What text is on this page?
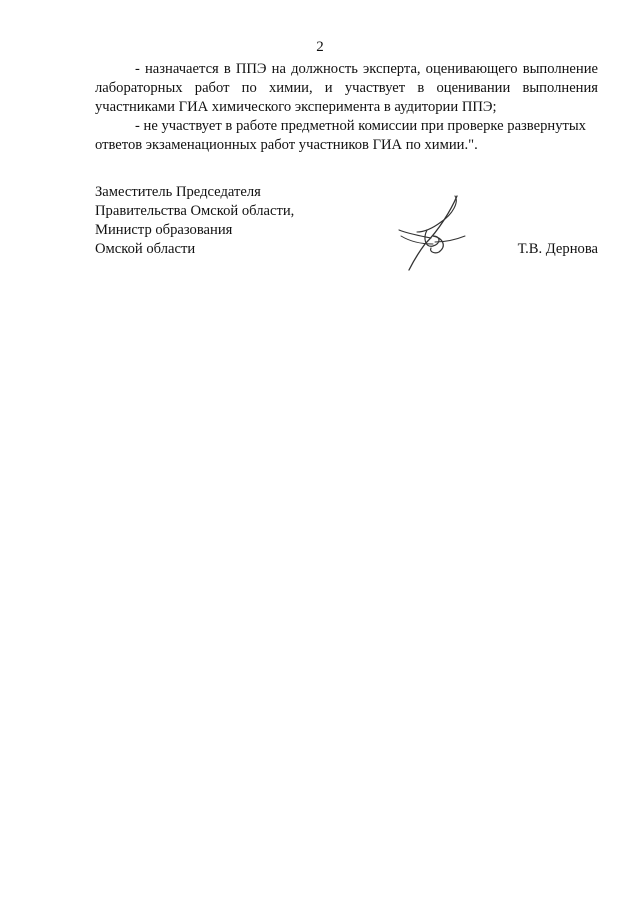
2

- назначается в ППЭ на должность эксперта, оценивающего выполнение лабораторных работ по химии, и участвует в оценивании выполнения участниками ГИА химического эксперимента в аудитории ППЭ;

- не участвует в работе предметной комиссии при проверке развернутых ответов экзаменационных работ участников ГИА по химии.".

Заместитель Председателя
Правительства Омской области,
Министр образования
Омской области	Т.В. Дернова
